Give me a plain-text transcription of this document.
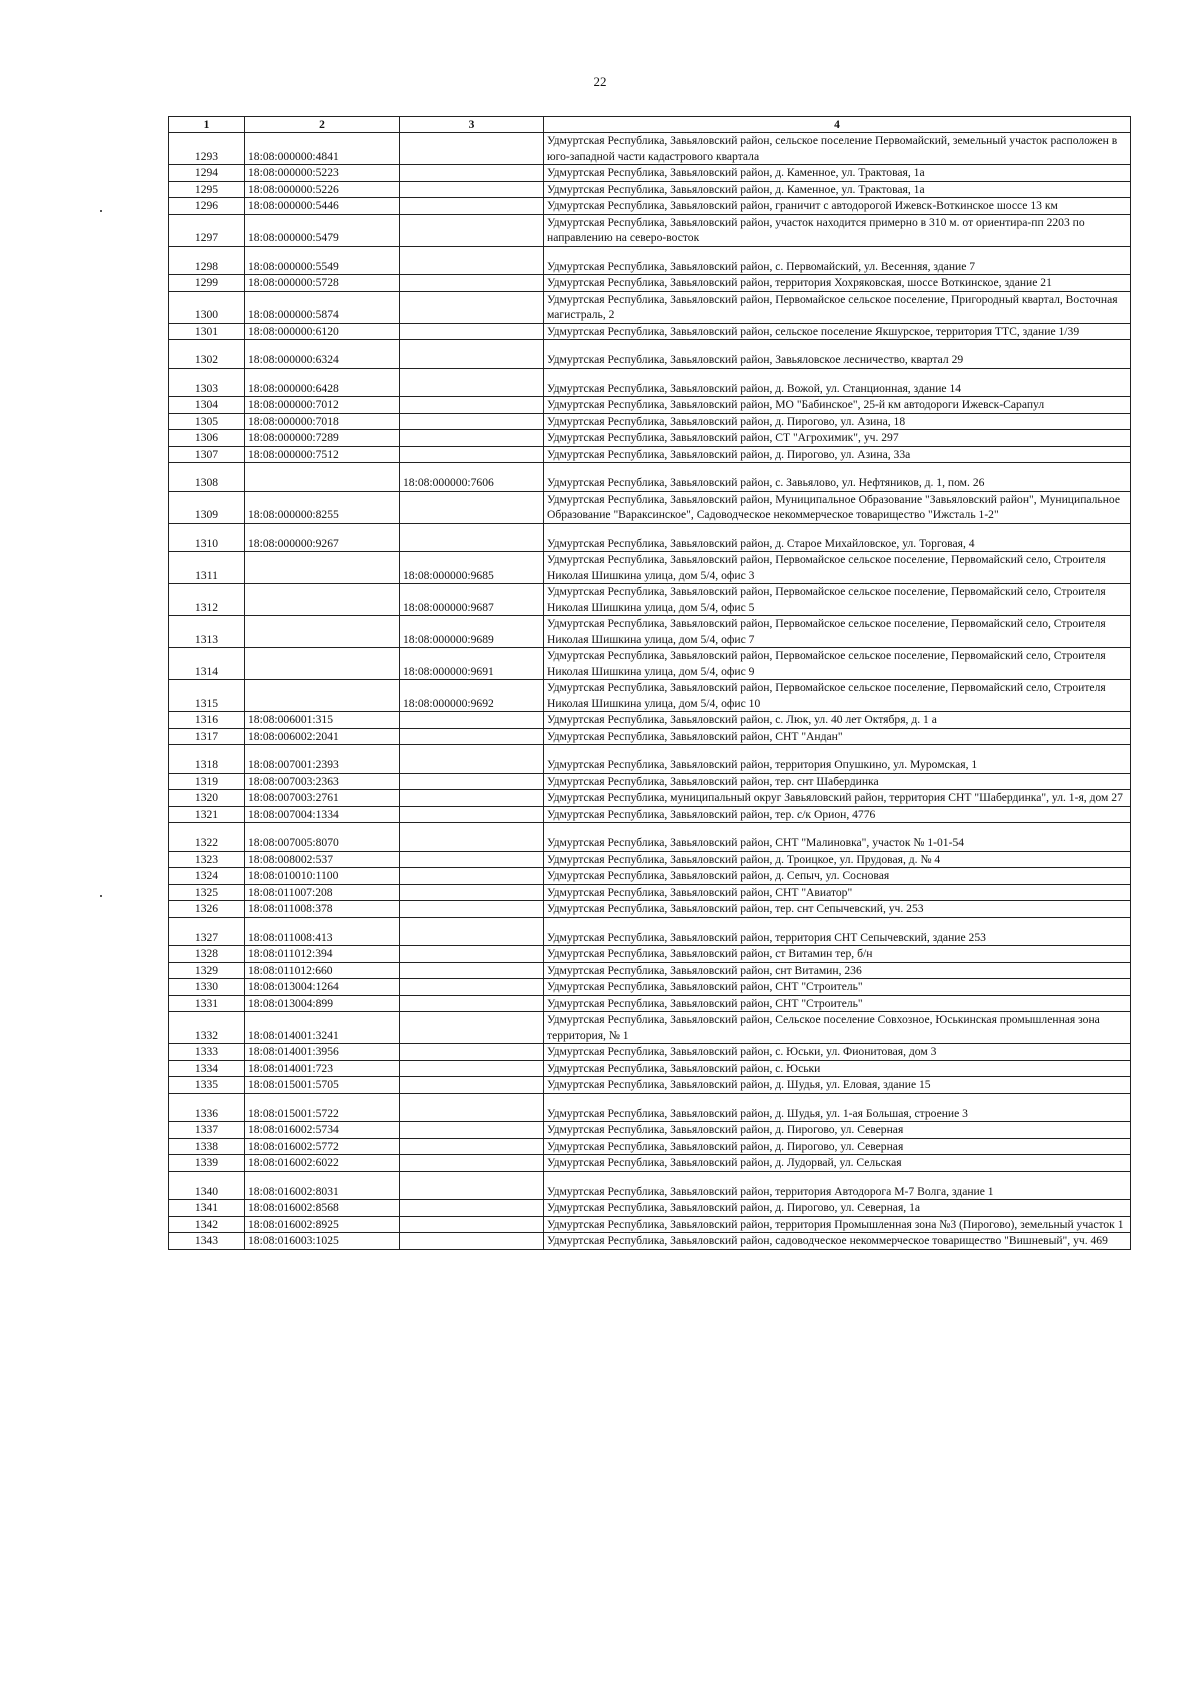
22
1	2	3	4
1293	18:08:000000:4841		Удмуртская Республика, Завьяловский район, сельское поселение Первомайский, земельный участок расположен в юго-западной части кадастрового квартала
1294	18:08:000000:5223		Удмуртская Республика, Завьяловский район, д. Каменное, ул. Трактовая, 1а
1295	18:08:000000:5226		Удмуртская Республика, Завьяловский район, д. Каменное, ул. Трактовая, 1а
1296	18:08:000000:5446		Удмуртская Республика, Завьяловский район, граничит с автодорогой Ижевск-Воткинское шоссе 13 км
1297	18:08:000000:5479		Удмуртская Республика, Завьяловский район, участок находится примерно в 310 м. от ориентира-пп 2203 по направлению на северо-восток
1298	18:08:000000:5549		Удмуртская Республика, Завьяловский район, с. Первомайский, ул. Весенняя, здание 7
1299	18:08:000000:5728		Удмуртская Республика, Завьяловский район, территория Хохряковская, шоссе Воткинское, здание 21
1300	18:08:000000:5874		Удмуртская Республика, Завьяловский район, Первомайское сельское поселение, Пригородный квартал, Восточная магистраль, 2
1301	18:08:000000:6120		Удмуртская Республика, Завьяловский район, сельское поселение Якшурское, территория ТТС, здание 1/39
1302	18:08:000000:6324		Удмуртская Республика, Завьяловский район, Завьяловское лесничество, квартал 29
1303	18:08:000000:6428		Удмуртская Республика, Завьяловский район, д. Вожой, ул. Станционная, здание 14
1304	18:08:000000:7012		Удмуртская Республика, Завьяловский район, МО "Бабинское", 25-й км автодороги Ижевск-Сарапул
1305	18:08:000000:7018		Удмуртская Республика, Завьяловский район, д. Пирогово, ул. Азина, 18
1306	18:08:000000:7289		Удмуртская Республика, Завьяловский район, СТ "Агрохимик", уч. 297
1307	18:08:000000:7512		Удмуртская Республика, Завьяловский район, д. Пирогово, ул. Азина, 33а
1308		18:08:000000:7606	Удмуртская Республика, Завьяловский район, с. Завьялово, ул. Нефтяников, д. 1, пом. 26
1309	18:08:000000:8255		Удмуртская Республика, Завьяловский район, Муниципальное Образование "Завьяловский район", Муниципальное Образование "Вараксинское", Садоводческое некоммерческое товарищество "Ижсталь 1-2"
1310	18:08:000000:9267		Удмуртская Республика, Завьяловский район, д. Старое Михайловское, ул. Торговая, 4
1311		18:08:000000:9685	Удмуртская Республика, Завьяловский район, Первомайское сельское поселение, Первомайский село, Строителя Николая Шишкина улица, дом 5/4, офис 3
1312		18:08:000000:9687	Удмуртская Республика, Завьяловский район, Первомайское сельское поселение, Первомайский село, Строителя Николая Шишкина улица, дом 5/4, офис 5
1313		18:08:000000:9689	Удмуртская Республика, Завьяловский район, Первомайское сельское поселение, Первомайский село, Строителя Николая Шишкина улица, дом 5/4, офис 7
1314		18:08:000000:9691	Удмуртская Республика, Завьяловский район, Первомайское сельское поселение, Первомайский село, Строителя Николая Шишкина улица, дом 5/4, офис 9
1315		18:08:000000:9692	Удмуртская Республика, Завьяловский район, Первомайское сельское поселение, Первомайский село, Строителя Николая Шишкина улица, дом 5/4, офис 10
1316	18:08:006001:315		Удмуртская Республика, Завьяловский район, с. Люк, ул. 40 лет Октября, д. 1 а
1317	18:08:006002:2041		Удмуртская Республика, Завьяловский район, СНТ "Андан"
1318	18:08:007001:2393		Удмуртская Республика, Завьяловский район, территория Опушкино, ул. Муромская, 1
1319	18:08:007003:2363		Удмуртская Республика, Завьяловский район, тер. снт Шабердинка
1320	18:08:007003:2761		Удмуртская Республика, муниципальный округ Завьяловский район, территория СНТ "Шабердинка", ул. 1-я, дом 27
1321	18:08:007004:1334		Удмуртская Республика, Завьяловский район, тер. с/к Орион, 4776
1322	18:08:007005:8070		Удмуртская Республика, Завьяловский район, СНТ "Малиновка", участок № 1-01-54
1323	18:08:008002:537		Удмуртская Республика, Завьяловский район, д. Троицкое, ул. Прудовая, д. № 4
1324	18:08:010010:1100		Удмуртская Республика, Завьяловский район, д. Сепыч, ул. Сосновая
1325	18:08:011007:208		Удмуртская Республика, Завьяловский район, СНТ "Авиатор"
1326	18:08:011008:378		Удмуртская Республика, Завьяловский район, тер. снт Сепычевский, уч. 253
1327	18:08:011008:413		Удмуртская Республика, Завьяловский район, территория СНТ Сепычевский, здание 253
1328	18:08:011012:394		Удмуртская Республика, Завьяловский район, ст Витамин тер, б/н
1329	18:08:011012:660		Удмуртская Республика, Завьяловский район, снт Витамин, 236
1330	18:08:013004:1264		Удмуртская Республика, Завьяловский район, СНТ "Строитель"
1331	18:08:013004:899		Удмуртская Республика, Завьяловский район, СНТ "Строитель"
1332	18:08:014001:3241		Удмуртская Республика, Завьяловский район, Сельское поселение Совхозное, Юськинская промышленная зона территория, № 1
1333	18:08:014001:3956		Удмуртская Республика, Завьяловский район, с. Юськи, ул. Фионитовая, дом 3
1334	18:08:014001:723		Удмуртская Республика, Завьяловский район, с. Юськи
1335	18:08:015001:5705		Удмуртская Республика, Завьяловский район, д. Шудья, ул. Еловая, здание 15
1336	18:08:015001:5722		Удмуртская Республика, Завьяловский район, д. Шудья, ул. 1-ая Большая, строение 3
1337	18:08:016002:5734		Удмуртская Республика, Завьяловский район, д. Пирогово, ул. Северная
1338	18:08:016002:5772		Удмуртская Республика, Завьяловский район, д. Пирогово, ул. Северная
1339	18:08:016002:6022		Удмуртская Республика, Завьяловский район, д. Лудорвай, ул. Сельская
1340	18:08:016002:8031		Удмуртская Республика, Завьяловский район, территория Автодорога М-7 Волга, здание 1
1341	18:08:016002:8568		Удмуртская Республика, Завьяловский район, д. Пирогово, ул. Северная, 1а
1342	18:08:016002:8925		Удмуртская Республика, Завьяловский район, территория Промышленная зона №3 (Пирогово), земельный участок 1
1343	18:08:016003:1025		Удмуртская Республика, Завьяловский район, садоводческое некоммерческое товарищество "Вишневый", уч. 469
